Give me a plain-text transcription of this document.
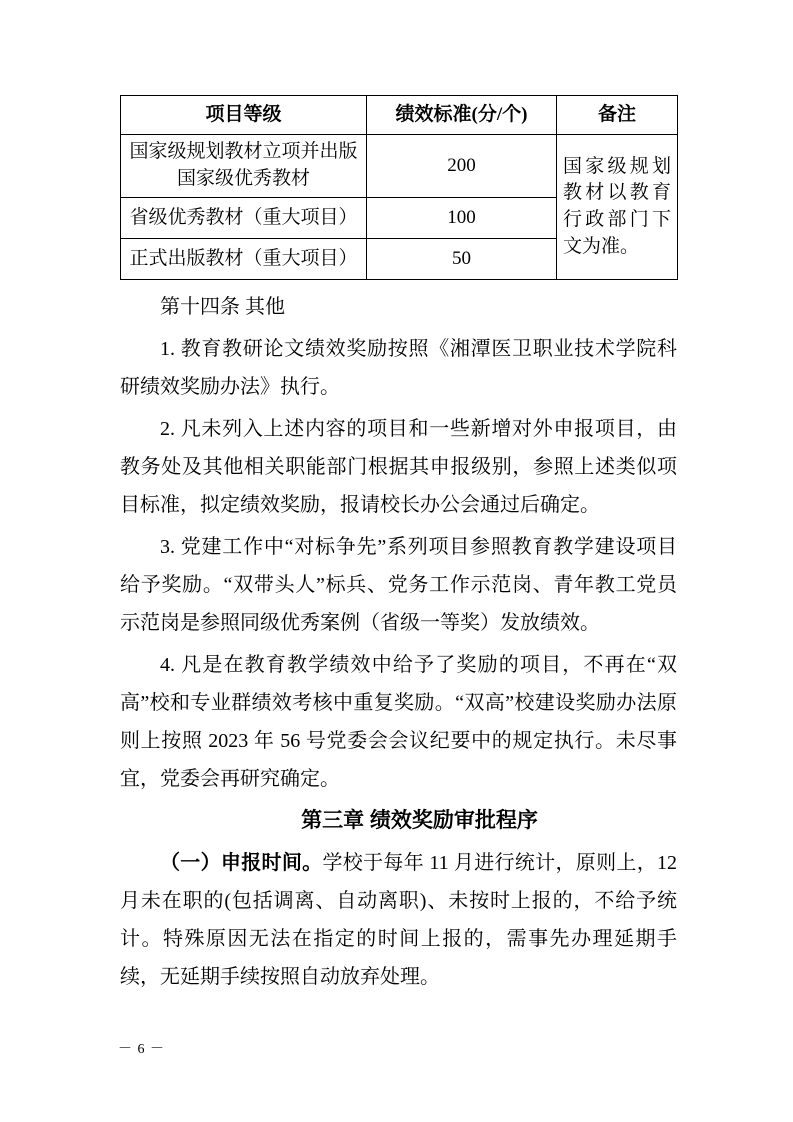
项目等级	绩效标准(分/个)	备注

国家级规划教材立项并出版
国家级优秀教材	200	国家级规划教材以教育行政部门下文为准。
省级优秀教材（重大项目）	100	
正式出版教材（重大项目）	50	

第十四条 其他

1. 教育教研论文绩效奖励按照《湘潭医卫职业技术学院科研绩效奖励办法》执行。

2. 凡未列入上述内容的项目和一些新增对外申报项目，由教务处及其他相关职能部门根据其申报级别，参照上述类似项目标准，拟定绩效奖励，报请校长办公会通过后确定。

3. 党建工作中“对标争先”系列项目参照教育教学建设项目给予奖励。“双带头人”标兵、党务工作示范岗、青年教工党员示范岗是参照同级优秀案例（省级一等奖）发放绩效。

4. 凡是在教育教学绩效中给予了奖励的项目，不再在“双高”校和专业群绩效考核中重复奖励。“双高”校建设奖励办法原则上按照 2023 年 56 号党委会会议纪要中的规定执行。未尽事宜，党委会再研究确定。

第三章 绩效奖励审批程序

（一）申报时间。学校于每年 11 月进行统计，原则上，12 月未在职的(包括调离、自动离职)、未按时上报的，不给予统计。特殊原因无法在指定的时间上报的，需事先办理延期手续，无延期手续按照自动放弃处理。

－ 6 －
